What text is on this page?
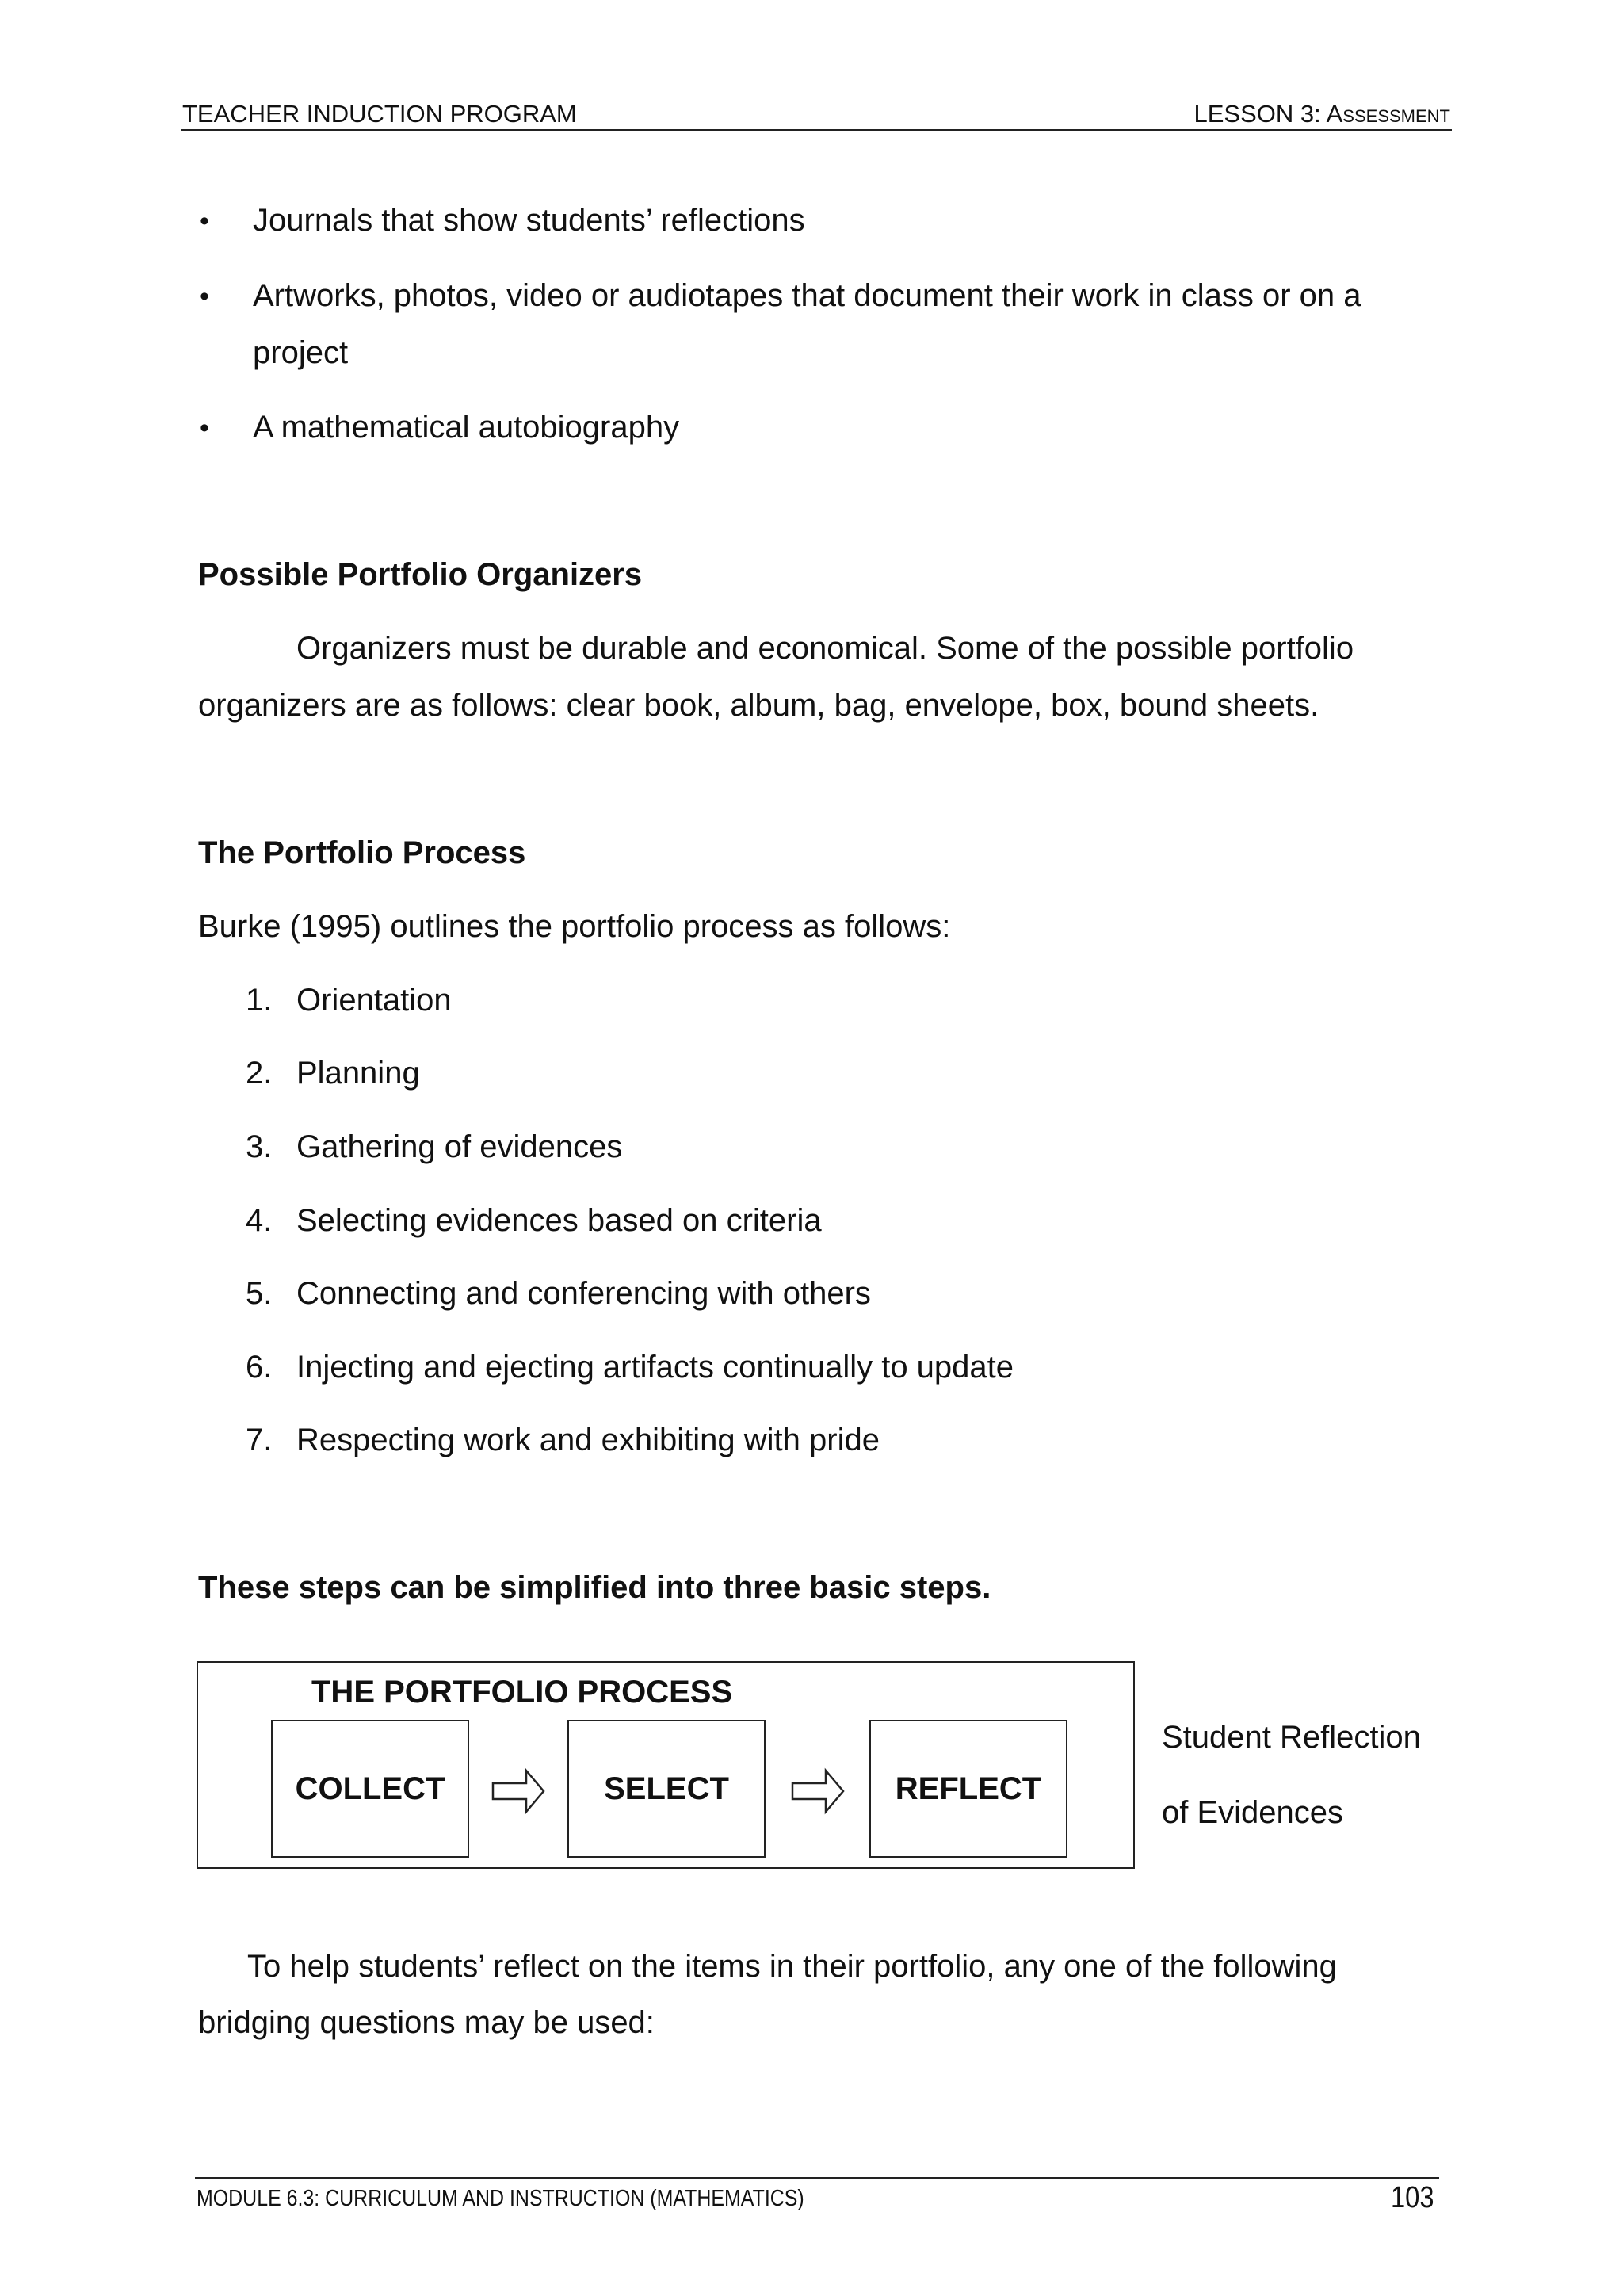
TEACHER INDUCTION PROGRAM	LESSON 3: Assessment
• Journals that show students’ reflections
• Artworks, photos, video or audiotapes that document their work in class or on a
project
• A mathematical autobiography
Possible Portfolio Organizers
Organizers must be durable and economical. Some of the possible portfolio
organizers are as follows: clear book, album, bag, envelope, box, bound sheets.
The Portfolio Process
Burke (1995) outlines the portfolio process as follows:
1. Orientation
2. Planning
3. Gathering of evidences
4. Selecting evidences based on criteria
5. Connecting and conferencing with others
6. Injecting and ejecting artifacts continually to update
7. Respecting work and exhibiting with pride
These steps can be simplified into three basic steps.
THE PORTFOLIO PROCESS
COLLECT	SELECT	REFLECT
Student Reflection
of Evidences
To help students’ reflect on the items in their portfolio, any one of the following
bridging questions may be used:
MODULE 6.3: CURRICULUM AND INSTRUCTION (MATHEMATICS)	103
